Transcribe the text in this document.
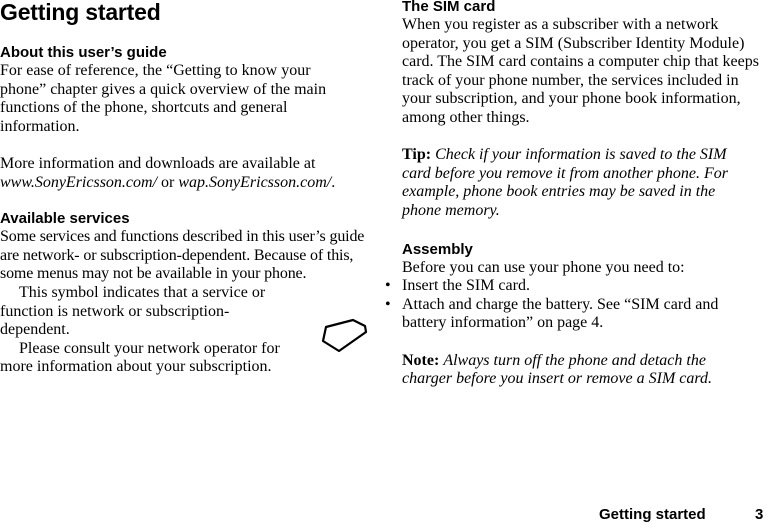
Getting started
About this user’s guide

For ease of reference, the “Getting to know your phone” chapter gives a quick overview of the main functions of the phone, shortcuts and general information.

More information and downloads are available at
www.SonyEricsson.com/ or wap.SonyEricsson.com/.

Available services

Some services and functions described in this user’s guide are network- or subscription-dependent. Because of this, some menus may not be available in your phone.

This symbol indicates that a service or function is network or subscription-dependent.

Please consult your network operator for more information about your subscription.

The SIM card

When you register as a subscriber with a network operator, you get a SIM (Subscriber Identity Module) card. The SIM card contains a computer chip that keeps track of your phone number, the services included in your subscription, and your phone book information, among other things.

Tip: Check if your information is saved to the SIM card before you remove it from another phone. For example, phone book entries may be saved in the phone memory.

Assembly

Before you can use your phone you need to:

• Insert the SIM card.
• Attach and charge the battery. See “SIM card and battery information” on page 4.

Note: Always turn off the phone and detach the charger before you insert or remove a SIM card.

Getting started	3
